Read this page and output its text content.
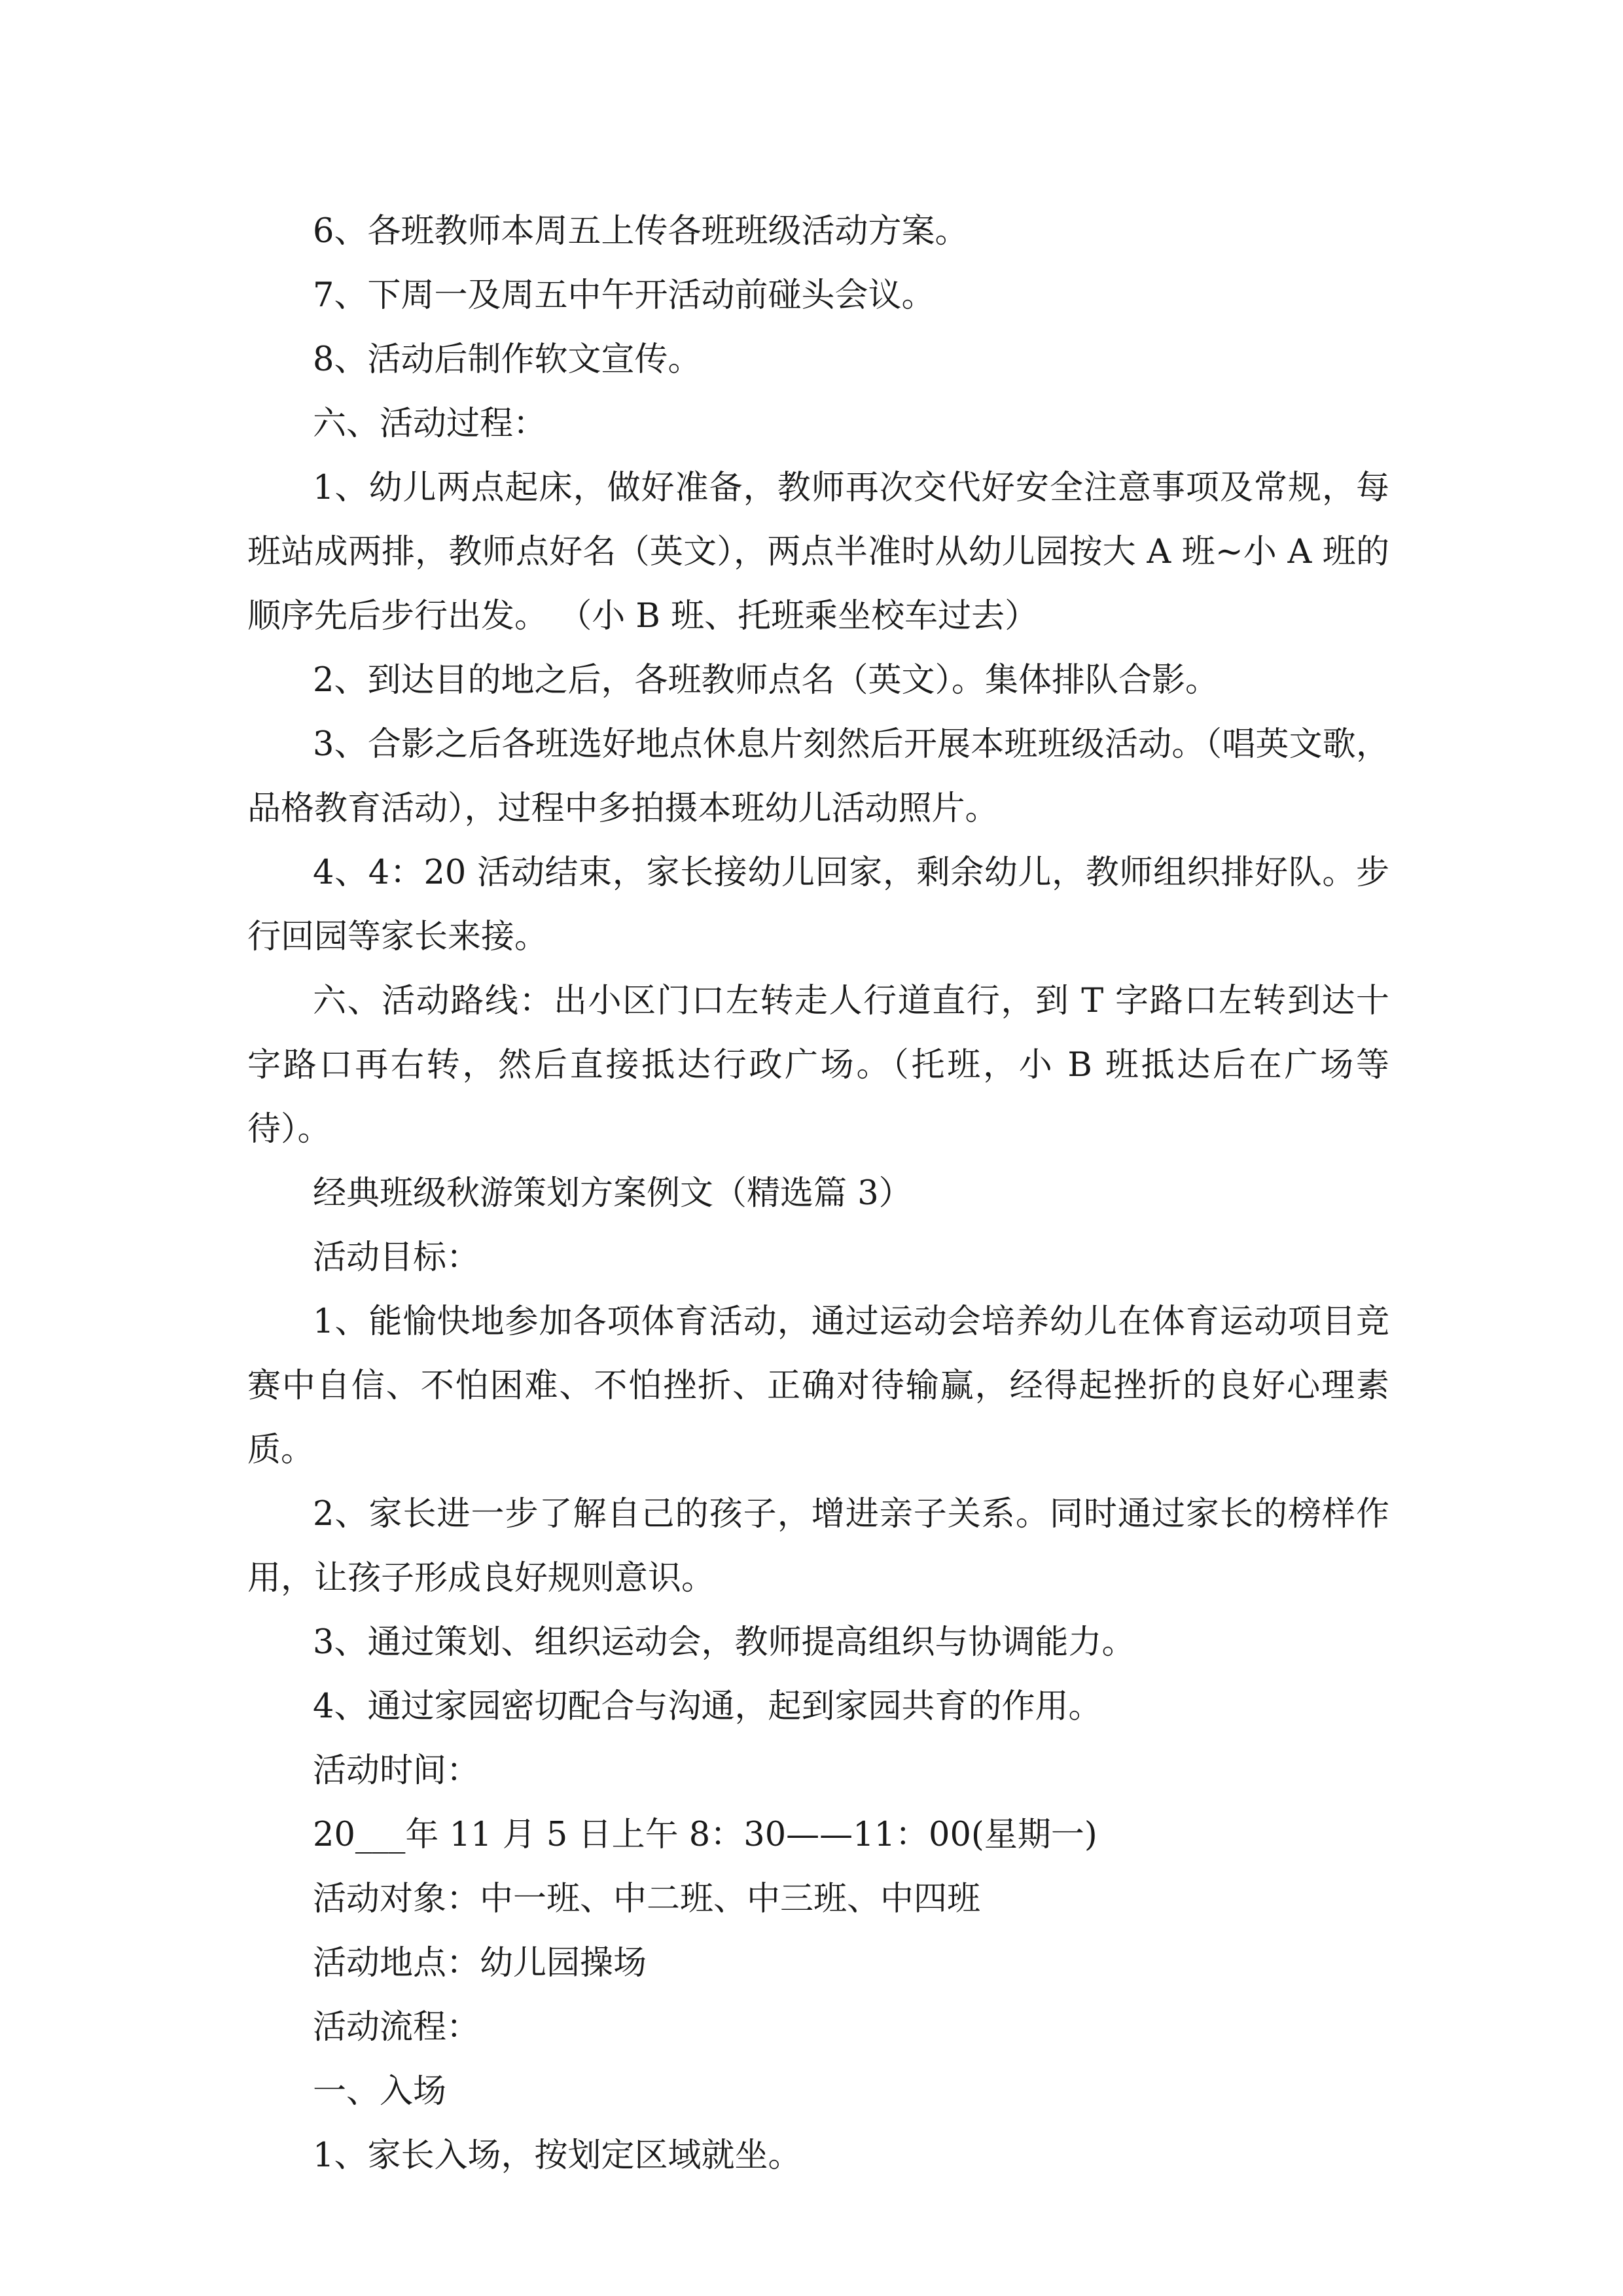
6、各班教师本周五上传各班班级活动方案。

7、下周一及周五中午开活动前碰头会议。

8、活动后制作软文宣传。

六、活动过程：

1、幼儿两点起床，做好准备，教师再次交代好安全注意事项及常规，每班站成两排，教师点好名（英文），两点半准时从幼儿园按大 A 班~小 A 班的顺序先后步行出发。 （小 B 班、托班乘坐校车过去）

2、到达目的地之后，各班教师点名（英文）。集体排队合影。

3、合影之后各班选好地点休息片刻然后开展本班班级活动。（唱英文歌，品格教育活动），过程中多拍摄本班幼儿活动照片。

4、4：20 活动结束，家长接幼儿回家，剩余幼儿，教师组织排好队。步行回园等家长来接。

六、活动路线：出小区门口左转走人行道直行，到 T 字路口左转到达十字路口再右转，然后直接抵达行政广场。（托班，小 B 班抵达后在广场等待）。

经典班级秋游策划方案例文（精选篇 3）

活动目标：

1、能愉快地参加各项体育活动，通过运动会培养幼儿在体育运动项目竞赛中自信、不怕困难、不怕挫折、正确对待输赢，经得起挫折的良好心理素质。

2、家长进一步了解自己的孩子，增进亲子关系。同时通过家长的榜样作用，让孩子形成良好规则意识。

3、通过策划、组织运动会，教师提高组织与协调能力。

4、通过家园密切配合与沟通，起到家园共育的作用。

活动时间：

20___年 11 月 5 日上午 8：30——11：00(星期一)

活动对象：中一班、中二班、中三班、中四班

活动地点：幼儿园操场

活动流程：

一、入场

1、家长入场，按划定区域就坐。
